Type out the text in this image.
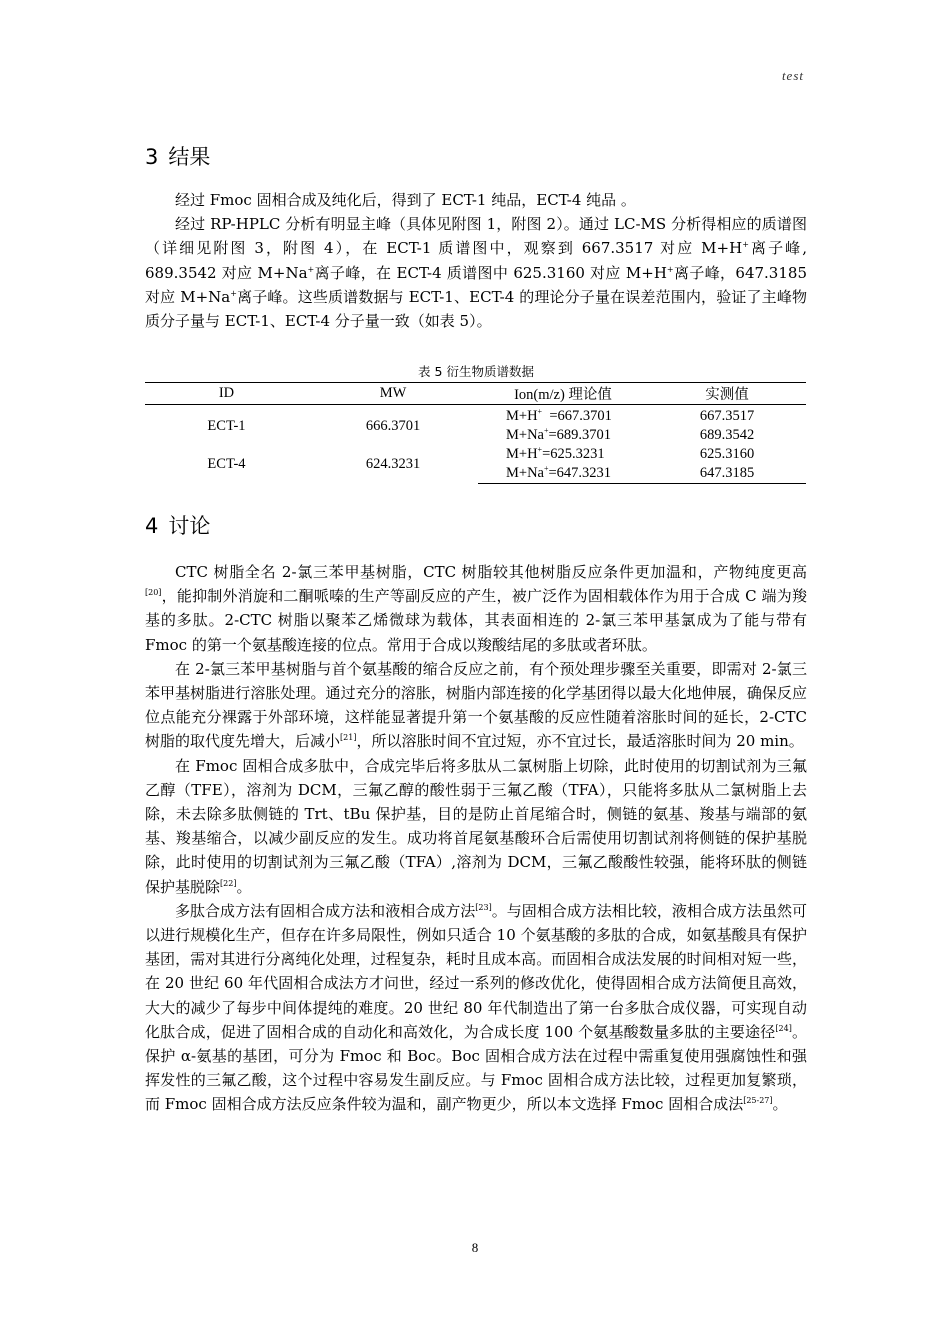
test
3 结果

经过 Fmoc 固相合成及纯化后，得到了 ECT-1 纯品，ECT-4 纯品 。

经过 RP-HPLC 分析有明显主峰（具体见附图 1，附图 2）。通过 LC-MS 分析得相应的质谱图（详细见附图 3，附图 4），在 ECT-1 质谱图中，观察到 667.3517 对应 M+H+离子峰, 689.3542 对应 M+Na+离子峰，在 ECT-4 质谱图中 625.3160 对应 M+H+离子峰，647.3185 对应 M+Na+离子峰。这些质谱数据与 ECT-1、ECT-4 的理论分子量在误差范围内，验证了主峰物质分子量与 ECT-1、ECT-4 分子量一致（如表 5）。

表 5 衍生物质谱数据
ID	MW	Ion(m/z) 理论值	实测值
ECT-1	666.3701	M+H+  =667.3701	667.3517
		M+Na+=689.3701	689.3542
ECT-4	624.3231	M+H+=625.3231	625.3160
		M+Na+=647.3231	647.3185
4 讨论

CTC 树脂全名 2-氯三苯甲基树脂，CTC 树脂较其他树脂反应条件更加温和，产物纯度更高[20]，能抑制外消旋和二酮哌嗪的生产等副反应的产生，被广泛作为固相载体作为用于合成 C 端为羧基的多肽。2-CTC 树脂以聚苯乙烯微球为载体，其表面相连的 2-氯三苯甲基氯成为了能与带有 Fmoc 的第一个氨基酸连接的位点。常用于合成以羧酸结尾的多肽或者环肽。

在 2-氯三苯甲基树脂与首个氨基酸的缩合反应之前，有个预处理步骤至关重要，即需对 2-氯三苯甲基树脂进行溶胀处理。通过充分的溶胀，树脂内部连接的化学基团得以最大化地伸展，确保反应位点能充分裸露于外部环境，这样能显著提升第一个氨基酸的反应性随着溶胀时间的延长，2-CTC 树脂的取代度先增大，后减小[21]，所以溶胀时间不宜过短，亦不宜过长，最适溶胀时间为 20 min。

在 Fmoc 固相合成多肽中，合成完毕后将多肽从二氯树脂上切除，此时使用的切割试剂为三氟乙醇（TFE），溶剂为 DCM，三氟乙醇的酸性弱于三氟乙酸（TFA），只能将多肽从二氯树脂上去除，未去除多肽侧链的 Trt、tBu 保护基，目的是防止首尾缩合时，侧链的氨基、羧基与端部的氨基、羧基缩合，以减少副反应的发生。成功将首尾氨基酸环合后需使用切割试剂将侧链的保护基脱除，此时使用的切割试剂为三氟乙酸（TFA）,溶剂为 DCM，三氟乙酸酸性较强，能将环肽的侧链保护基脱除[22]。

多肽合成方法有固相合成方法和液相合成方法[23]。与固相合成方法相比较，液相合成方法虽然可以进行规模化生产，但存在许多局限性，例如只适合 10 个氨基酸的多肽的合成，如氨基酸具有保护基团，需对其进行分离纯化处理，过程复杂，耗时且成本高。而固相合成法发展的时间相对短一些，在 20 世纪 60 年代固相合成法方才问世，经过一系列的修改优化，使得固相合成方法简便且高效，大大的减少了每步中间体提纯的难度。20 世纪 80 年代制造出了第一台多肽合成仪器，可实现自动化肽合成，促进了固相合成的自动化和高效化，为合成长度 100 个氨基酸数量多肽的主要途径[24]。保护 α-氨基的基团，可分为 Fmoc 和 Boc。Boc 固相合成方法在过程中需重复使用强腐蚀性和强挥发性的三氟乙酸，这个过程中容易发生副反应。与 Fmoc 固相合成方法比较，过程更加复繁琐，而 Fmoc 固相合成方法反应条件较为温和，副产物更少，所以本文选择 Fmoc 固相合成法[25-27]。

8
